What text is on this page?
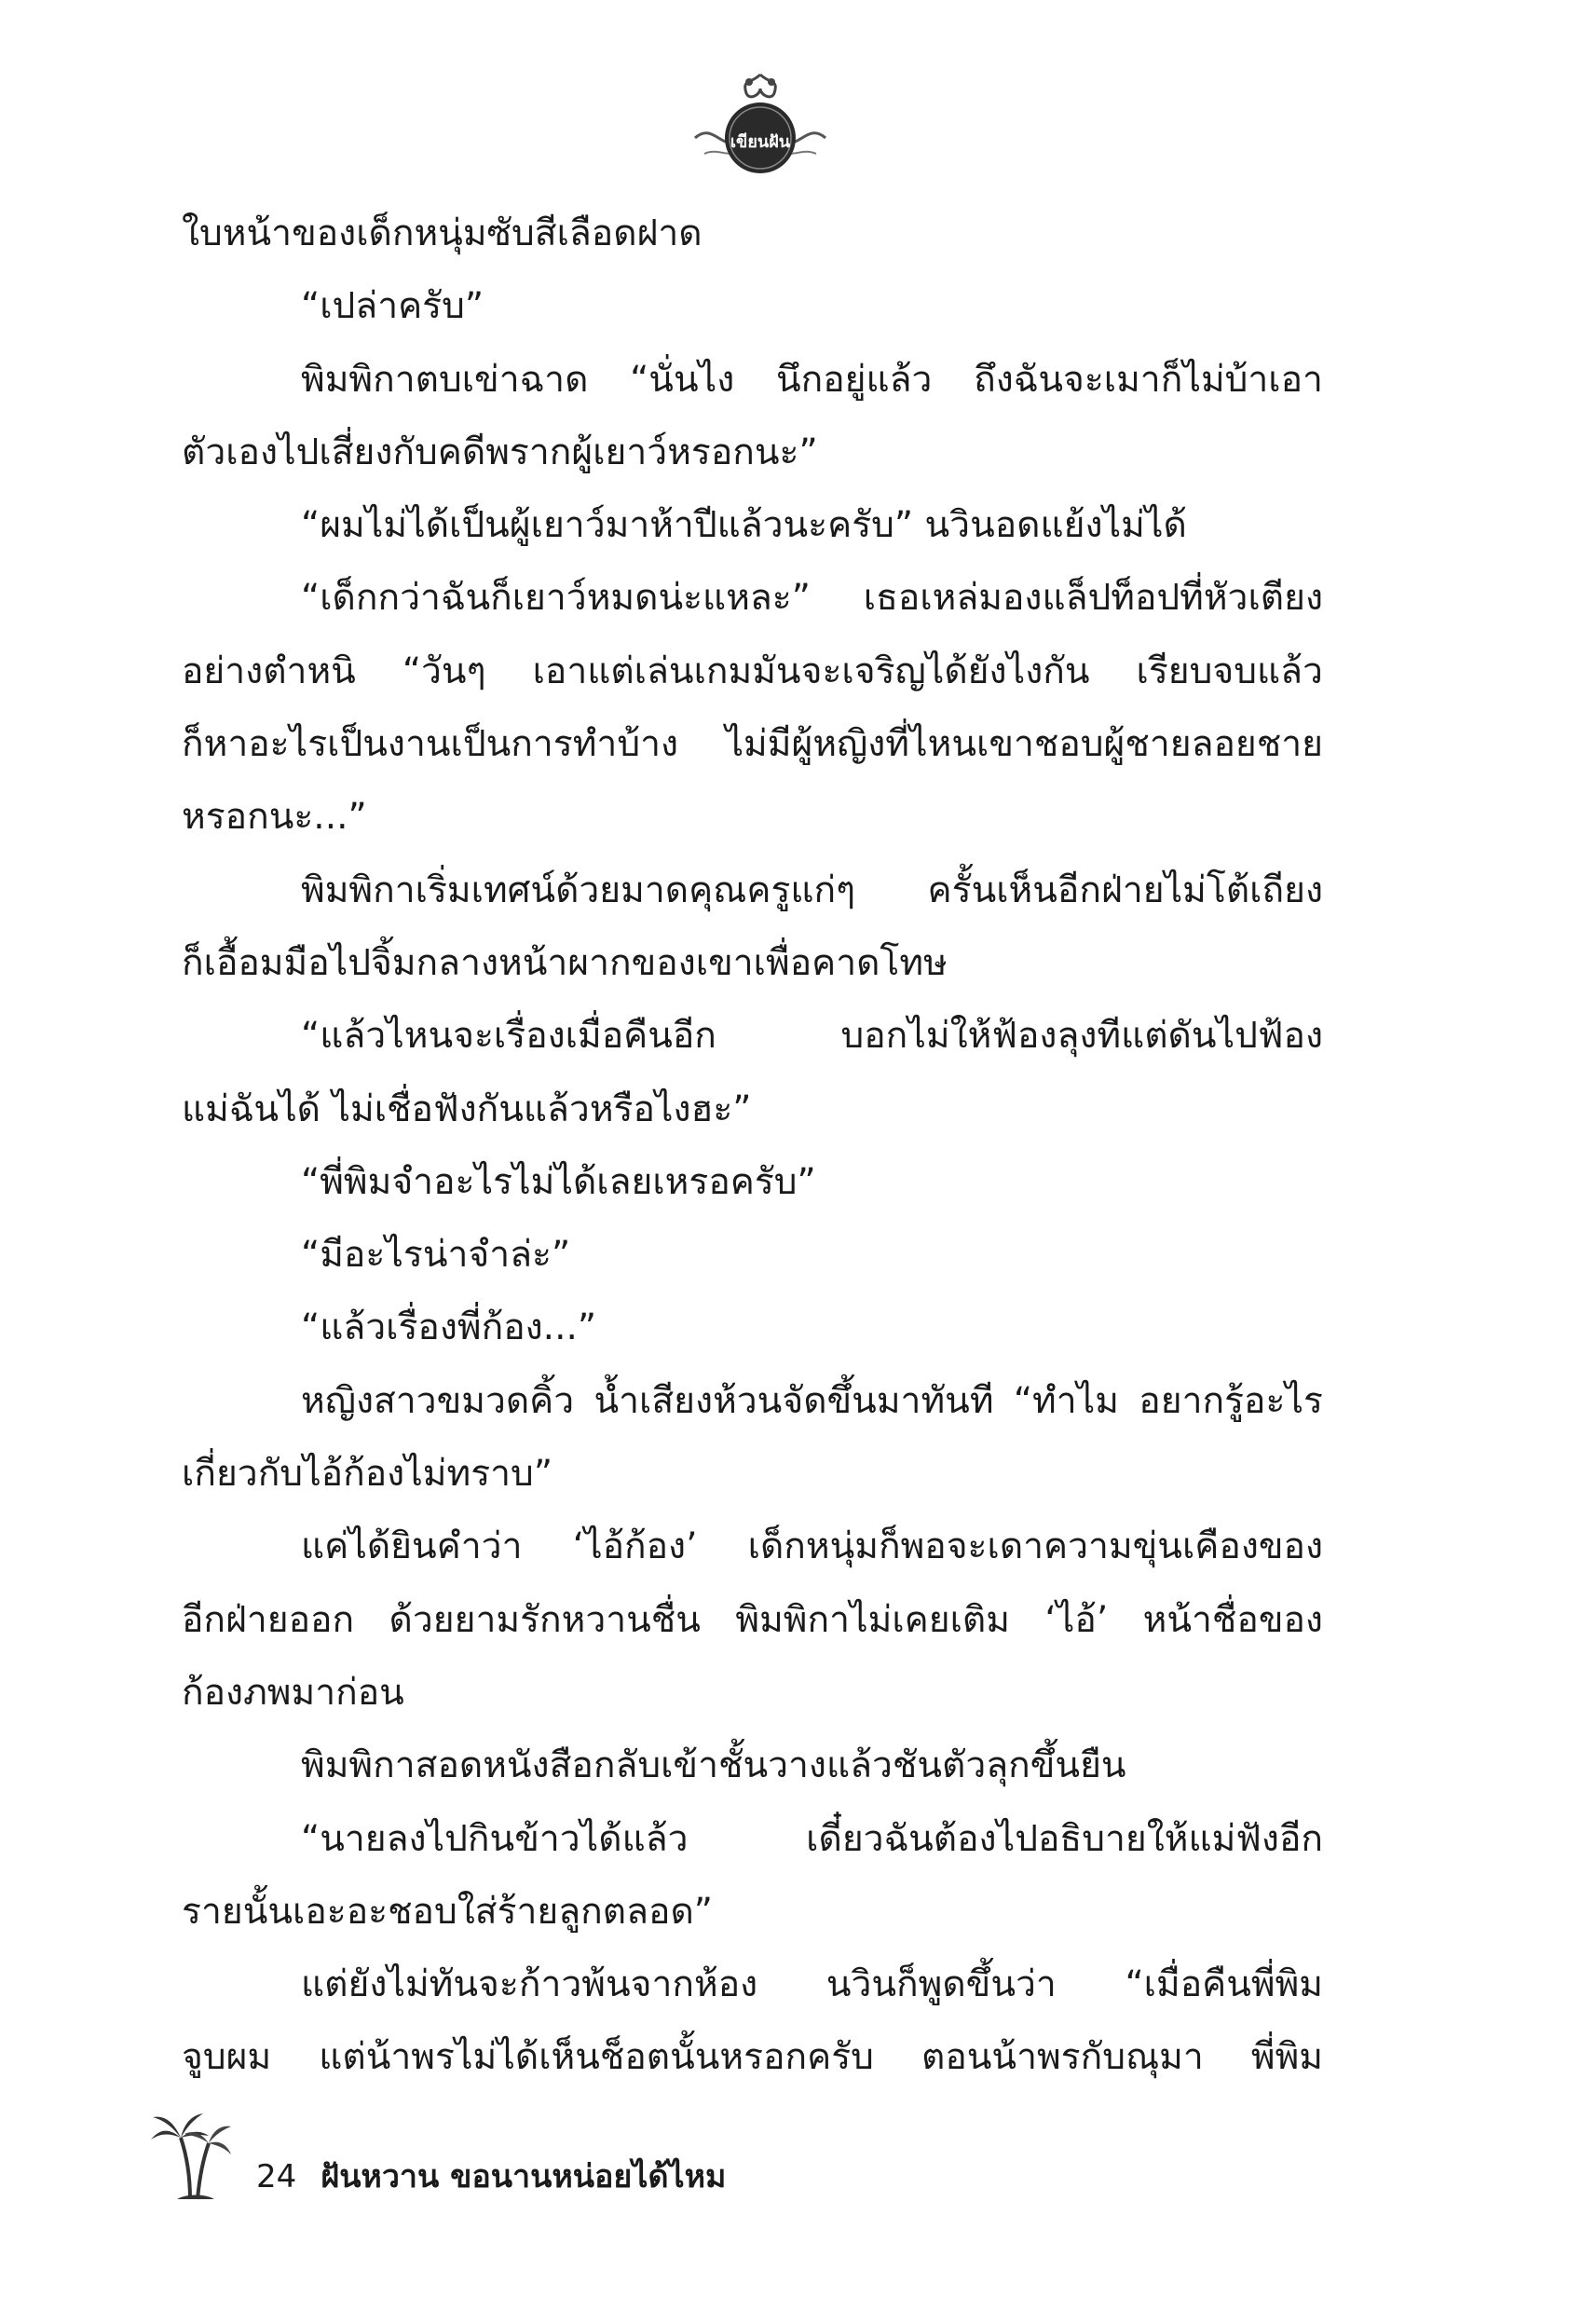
เขียนฝัน
ใบหน้าของเด็กหนุ่มซับสีเลือดฝาด
“เปล่าครับ”
พิมพิกาตบเข่าฉาด “นั่นไง นึกอยู่แล้ว ถึงฉันจะเมาก็ไม่บ้าเอา
ตัวเองไปเสี่ยงกับคดีพรากผู้เยาว์หรอกนะ”
“ผมไม่ได้เป็นผู้เยาว์มาห้าปีแล้วนะครับ” นวินอดแย้งไม่ได้
“เด็กกว่าฉันก็เยาว์หมดน่ะแหละ” เธอเหล่มองแล็ปท็อปที่หัวเตียง
อย่างตำหนิ “วันๆ เอาแต่เล่นเกมมันจะเจริญได้ยังไงกัน เรียบจบแล้ว
ก็หาอะไรเป็นงานเป็นการทำบ้าง ไม่มีผู้หญิงที่ไหนเขาชอบผู้ชายลอยชาย
หรอกนะ...”
พิมพิกาเริ่มเทศน์ด้วยมาดคุณครูแก่ๆ ครั้นเห็นอีกฝ่ายไม่โต้เถียง
ก็เอื้อมมือไปจิ้มกลางหน้าผากของเขาเพื่อคาดโทษ
“แล้วไหนจะเรื่องเมื่อคืนอีก	บอกไม่ให้ฟ้องลุงทีแต่ดันไปฟ้อง
แม่ฉันได้ ไม่เชื่อฟังกันแล้วหรือไงฮะ”
“พี่พิมจำอะไรไม่ได้เลยเหรอครับ”
“มีอะไรน่าจำล่ะ”
“แล้วเรื่องพี่ก้อง...”
หญิงสาวขมวดคิ้ว น้ำเสียงห้วนจัดขึ้นมาทันที “ทำไม อยากรู้อะไร
เกี่ยวกับไอ้ก้องไม่ทราบ”
แค่ได้ยินคำว่า ‘ไอ้ก้อง’ เด็กหนุ่มก็พอจะเดาความขุ่นเคืองของ
อีกฝ่ายออก ด้วยยามรักหวานชื่น พิมพิกาไม่เคยเติม ‘ไอ้’ หน้าชื่อของ
ก้องภพมาก่อน
พิมพิกาสอดหนังสือกลับเข้าชั้นวางแล้วชันตัวลุกขึ้นยืน
“นายลงไปกินข้าวได้แล้ว	เดี๋ยวฉันต้องไปอธิบายให้แม่ฟังอีก
รายนั้นเอะอะชอบใส่ร้ายลูกตลอด”
แต่ยังไม่ทันจะก้าวพ้นจากห้อง นวินก็พูดขึ้นว่า “เมื่อคืนพี่พิม
จูบผม แต่น้าพรไม่ได้เห็นช็อตนั้นหรอกครับ ตอนน้าพรกับณุมา พี่พิม
24 ฝันหวาน ขอนานหน่อยได้ไหม
